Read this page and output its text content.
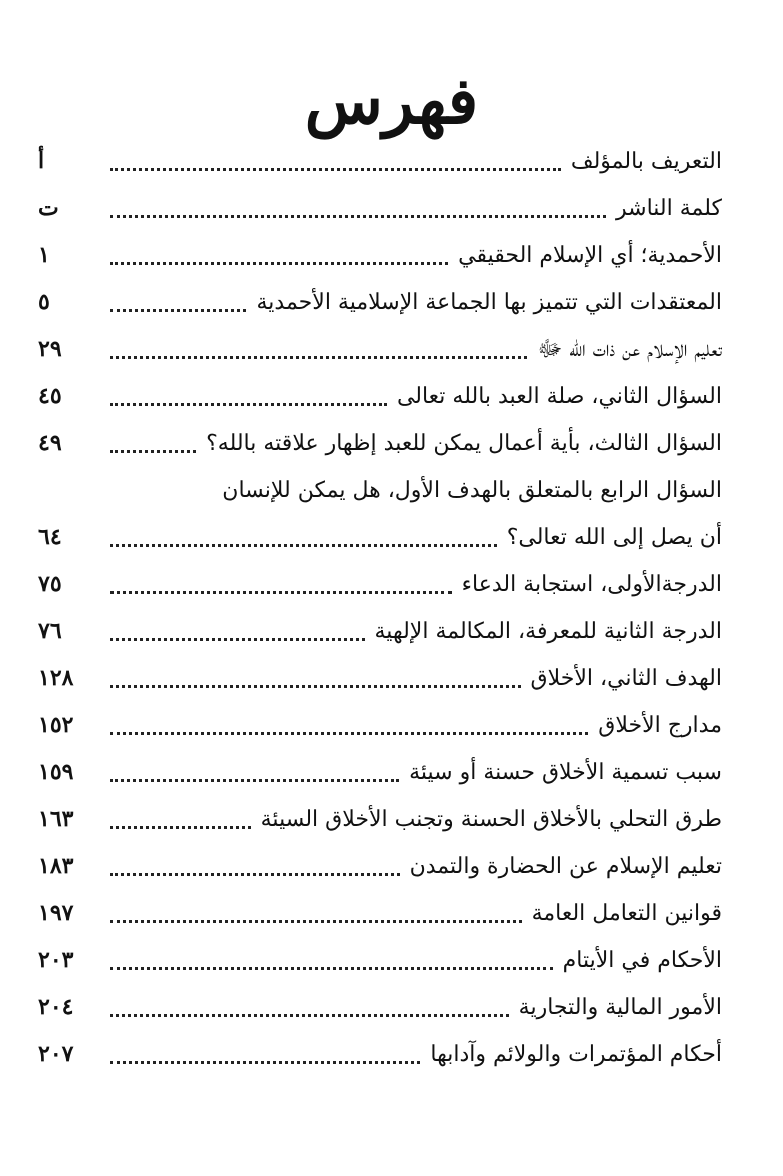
فهرس
التعريف بالمؤلف
أ
كلمة الناشر
ت
الأحمدية؛ أي الإسلام الحقيقي
١
المعتقدات التي تتميز بها الجماعة الإسلامية الأحمدية
٥
تعليم الإسلام عن ذات الله ﷻ
٢٩
السؤال الثاني، صلة العبد بالله تعالى
٤٥
السؤال الثالث، بأية أعمال يمكن للعبد إظهار علاقته بالله؟
٤٩
السؤال الرابع بالمتعلق بالهدف الأول، هل يمكن للإنسان
أن يصل إلى الله تعالى؟
٦٤
الدرجةالأولى، استجابة الدعاء
٧٥
الدرجة الثانية للمعرفة، المكالمة الإلهية
٧٦
الهدف الثاني، الأخلاق
١٢٨
مدارج الأخلاق
١٥٢
سبب تسمية الأخلاق حسنة أو سيئة
١٥٩
طرق التحلي بالأخلاق الحسنة وتجنب الأخلاق السيئة
١٦٣
تعليم الإسلام عن الحضارة والتمدن
١٨٣
قوانين التعامل العامة
١٩٧
الأحكام في الأيتام
٢٠٣
الأمور المالية والتجارية
٢٠٤
أحكام المؤتمرات والولائم وآدابها
٢٠٧
